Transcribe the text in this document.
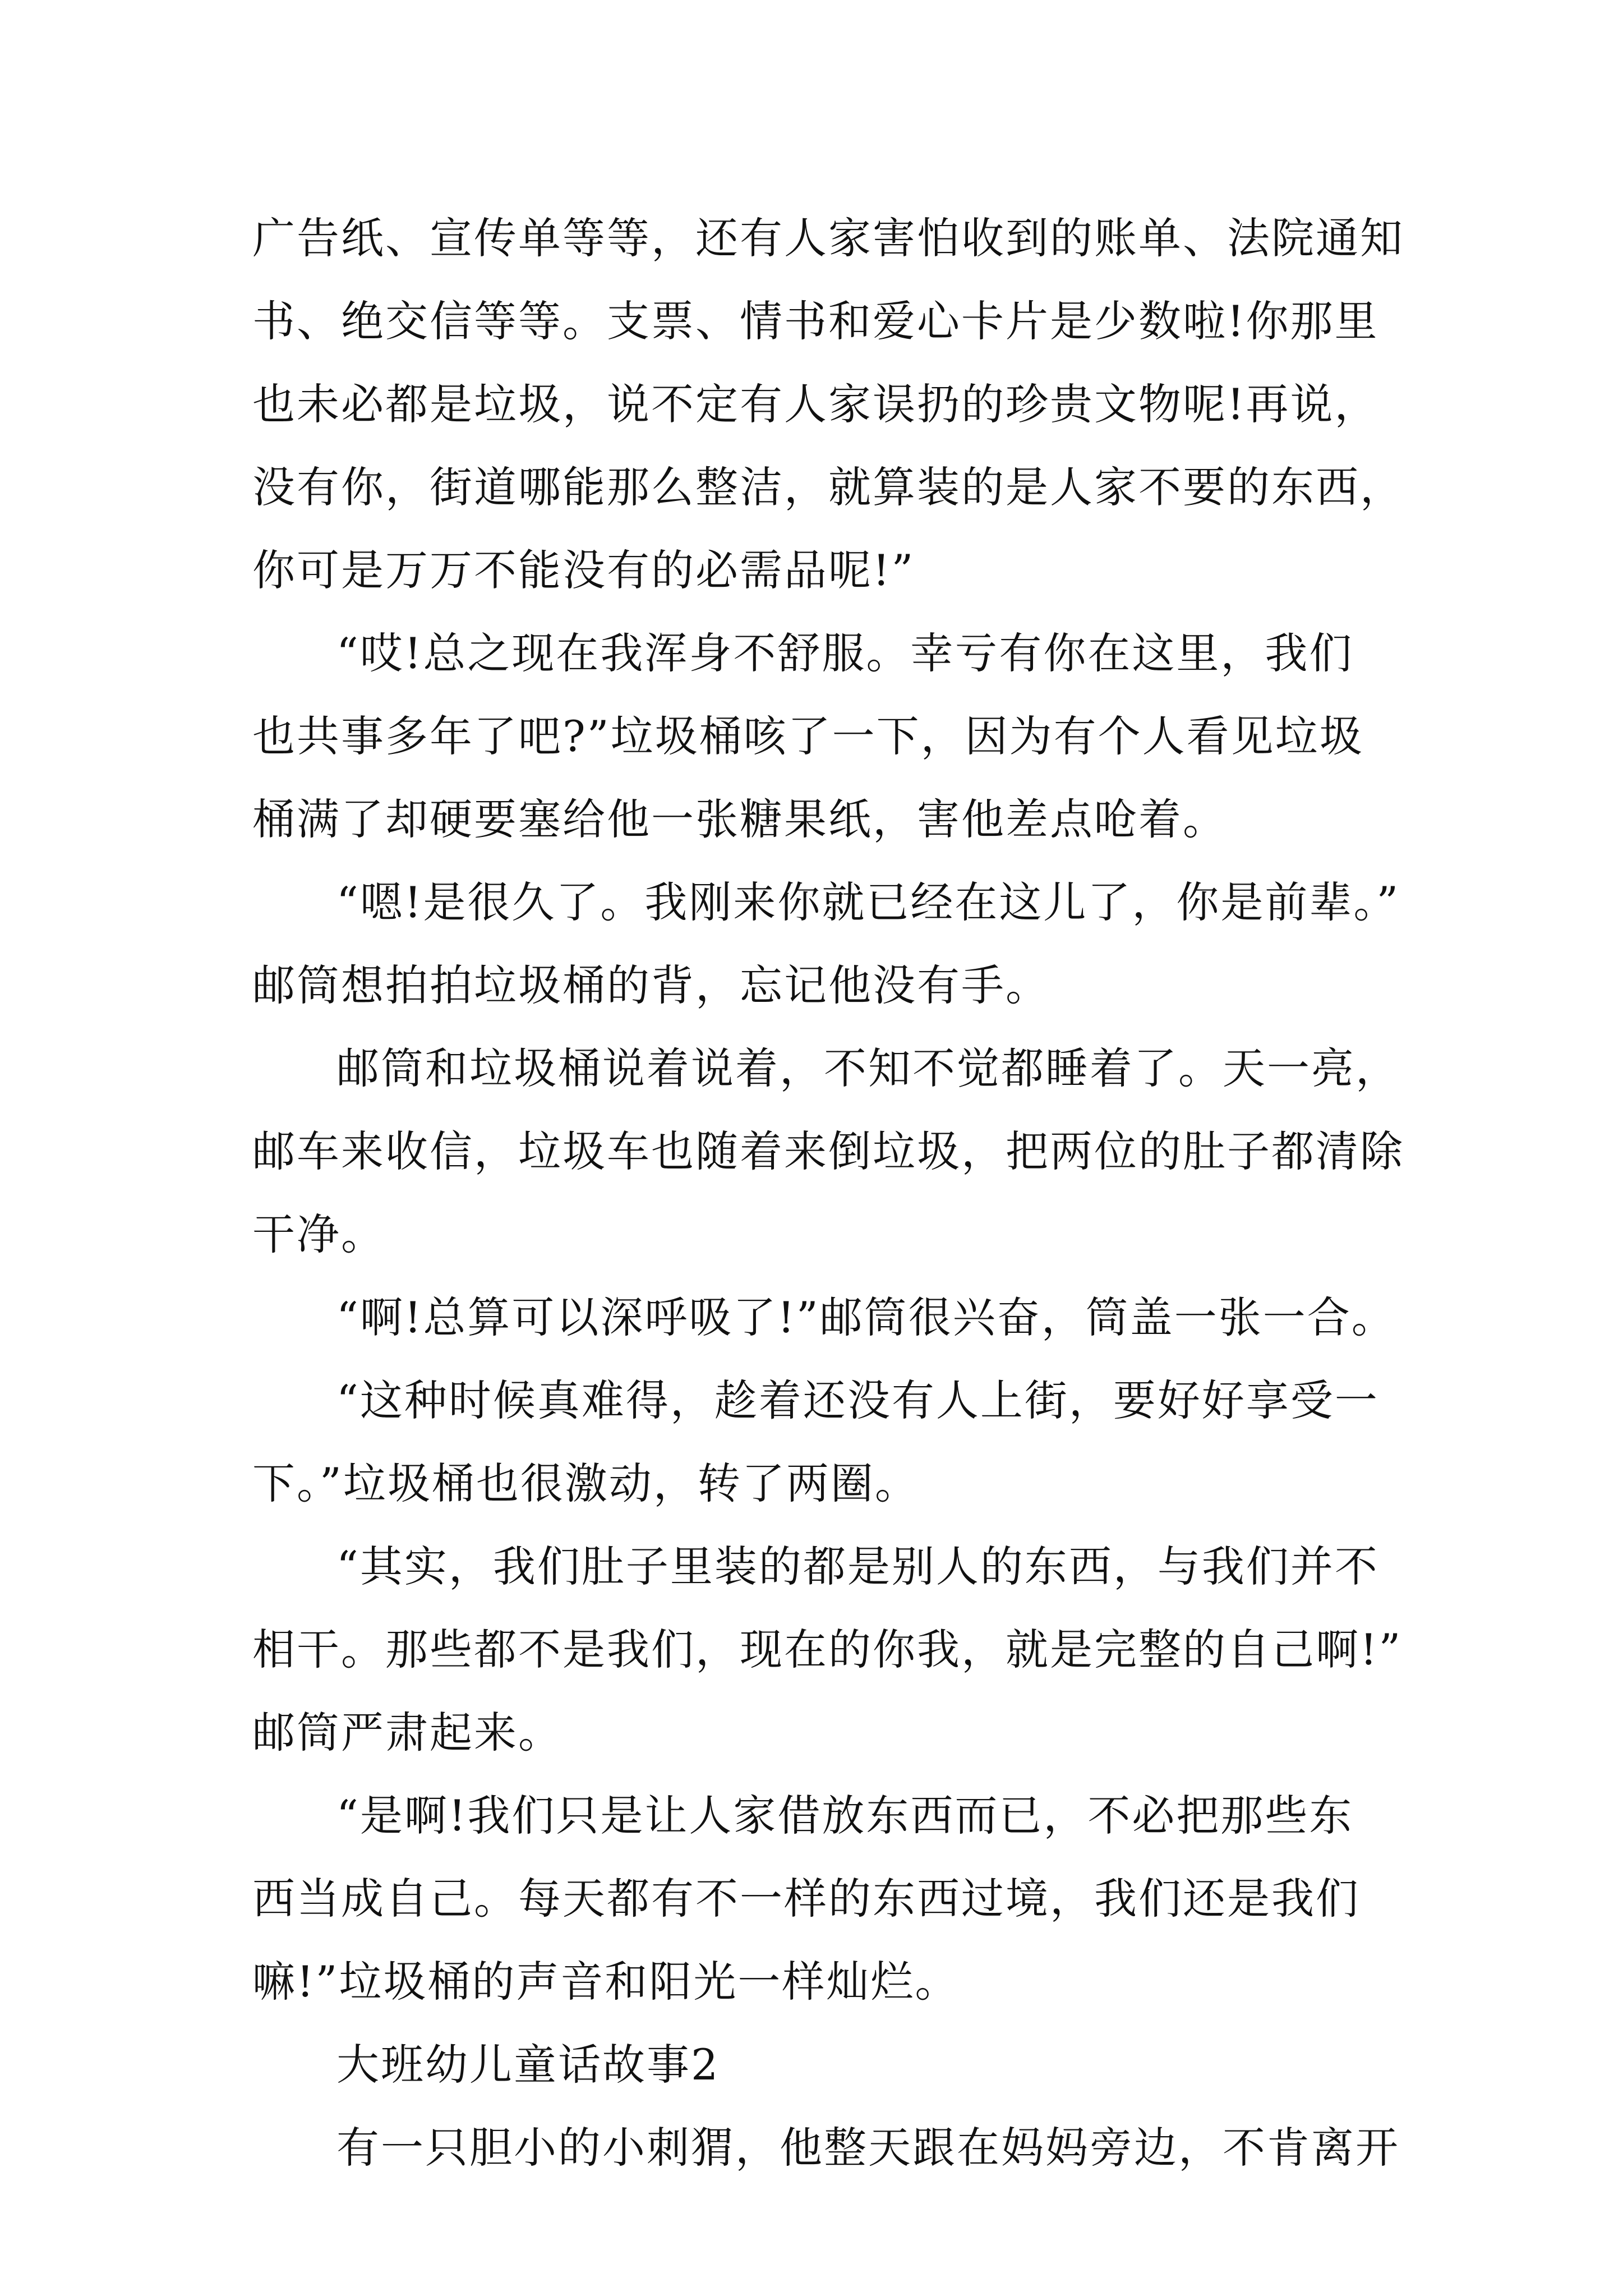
广告纸、宣传单等等，还有人家害怕收到的账单、法院通知
书、绝交信等等。支票、情书和爱心卡片是少数啦!你那里
也未必都是垃圾，说不定有人家误扔的珍贵文物呢!再说，
没有你，街道哪能那么整洁，就算装的是人家不要的东西，
你可是万万不能没有的必需品呢!”
“哎!总之现在我浑身不舒服。幸亏有你在这里，我们
也共事多年了吧?”垃圾桶咳了一下，因为有个人看见垃圾
桶满了却硬要塞给他一张糖果纸，害他差点呛着。
“嗯!是很久了。我刚来你就已经在这儿了，你是前辈。”
邮筒想拍拍垃圾桶的背，忘记他没有手。
邮筒和垃圾桶说着说着，不知不觉都睡着了。天一亮，
邮车来收信，垃圾车也随着来倒垃圾，把两位的肚子都清除
干净。
“啊!总算可以深呼吸了!”邮筒很兴奋，筒盖一张一合。
“这种时候真难得，趁着还没有人上街，要好好享受一
下。”垃圾桶也很激动，转了两圈。
“其实，我们肚子里装的都是别人的东西，与我们并不
相干。那些都不是我们，现在的你我，就是完整的自己啊!”
邮筒严肃起来。
“是啊!我们只是让人家借放东西而已，不必把那些东
西当成自己。每天都有不一样的东西过境，我们还是我们
嘛!”垃圾桶的声音和阳光一样灿烂。
大班幼儿童话故事2
有一只胆小的小刺猬，他整天跟在妈妈旁边，不肯离开
